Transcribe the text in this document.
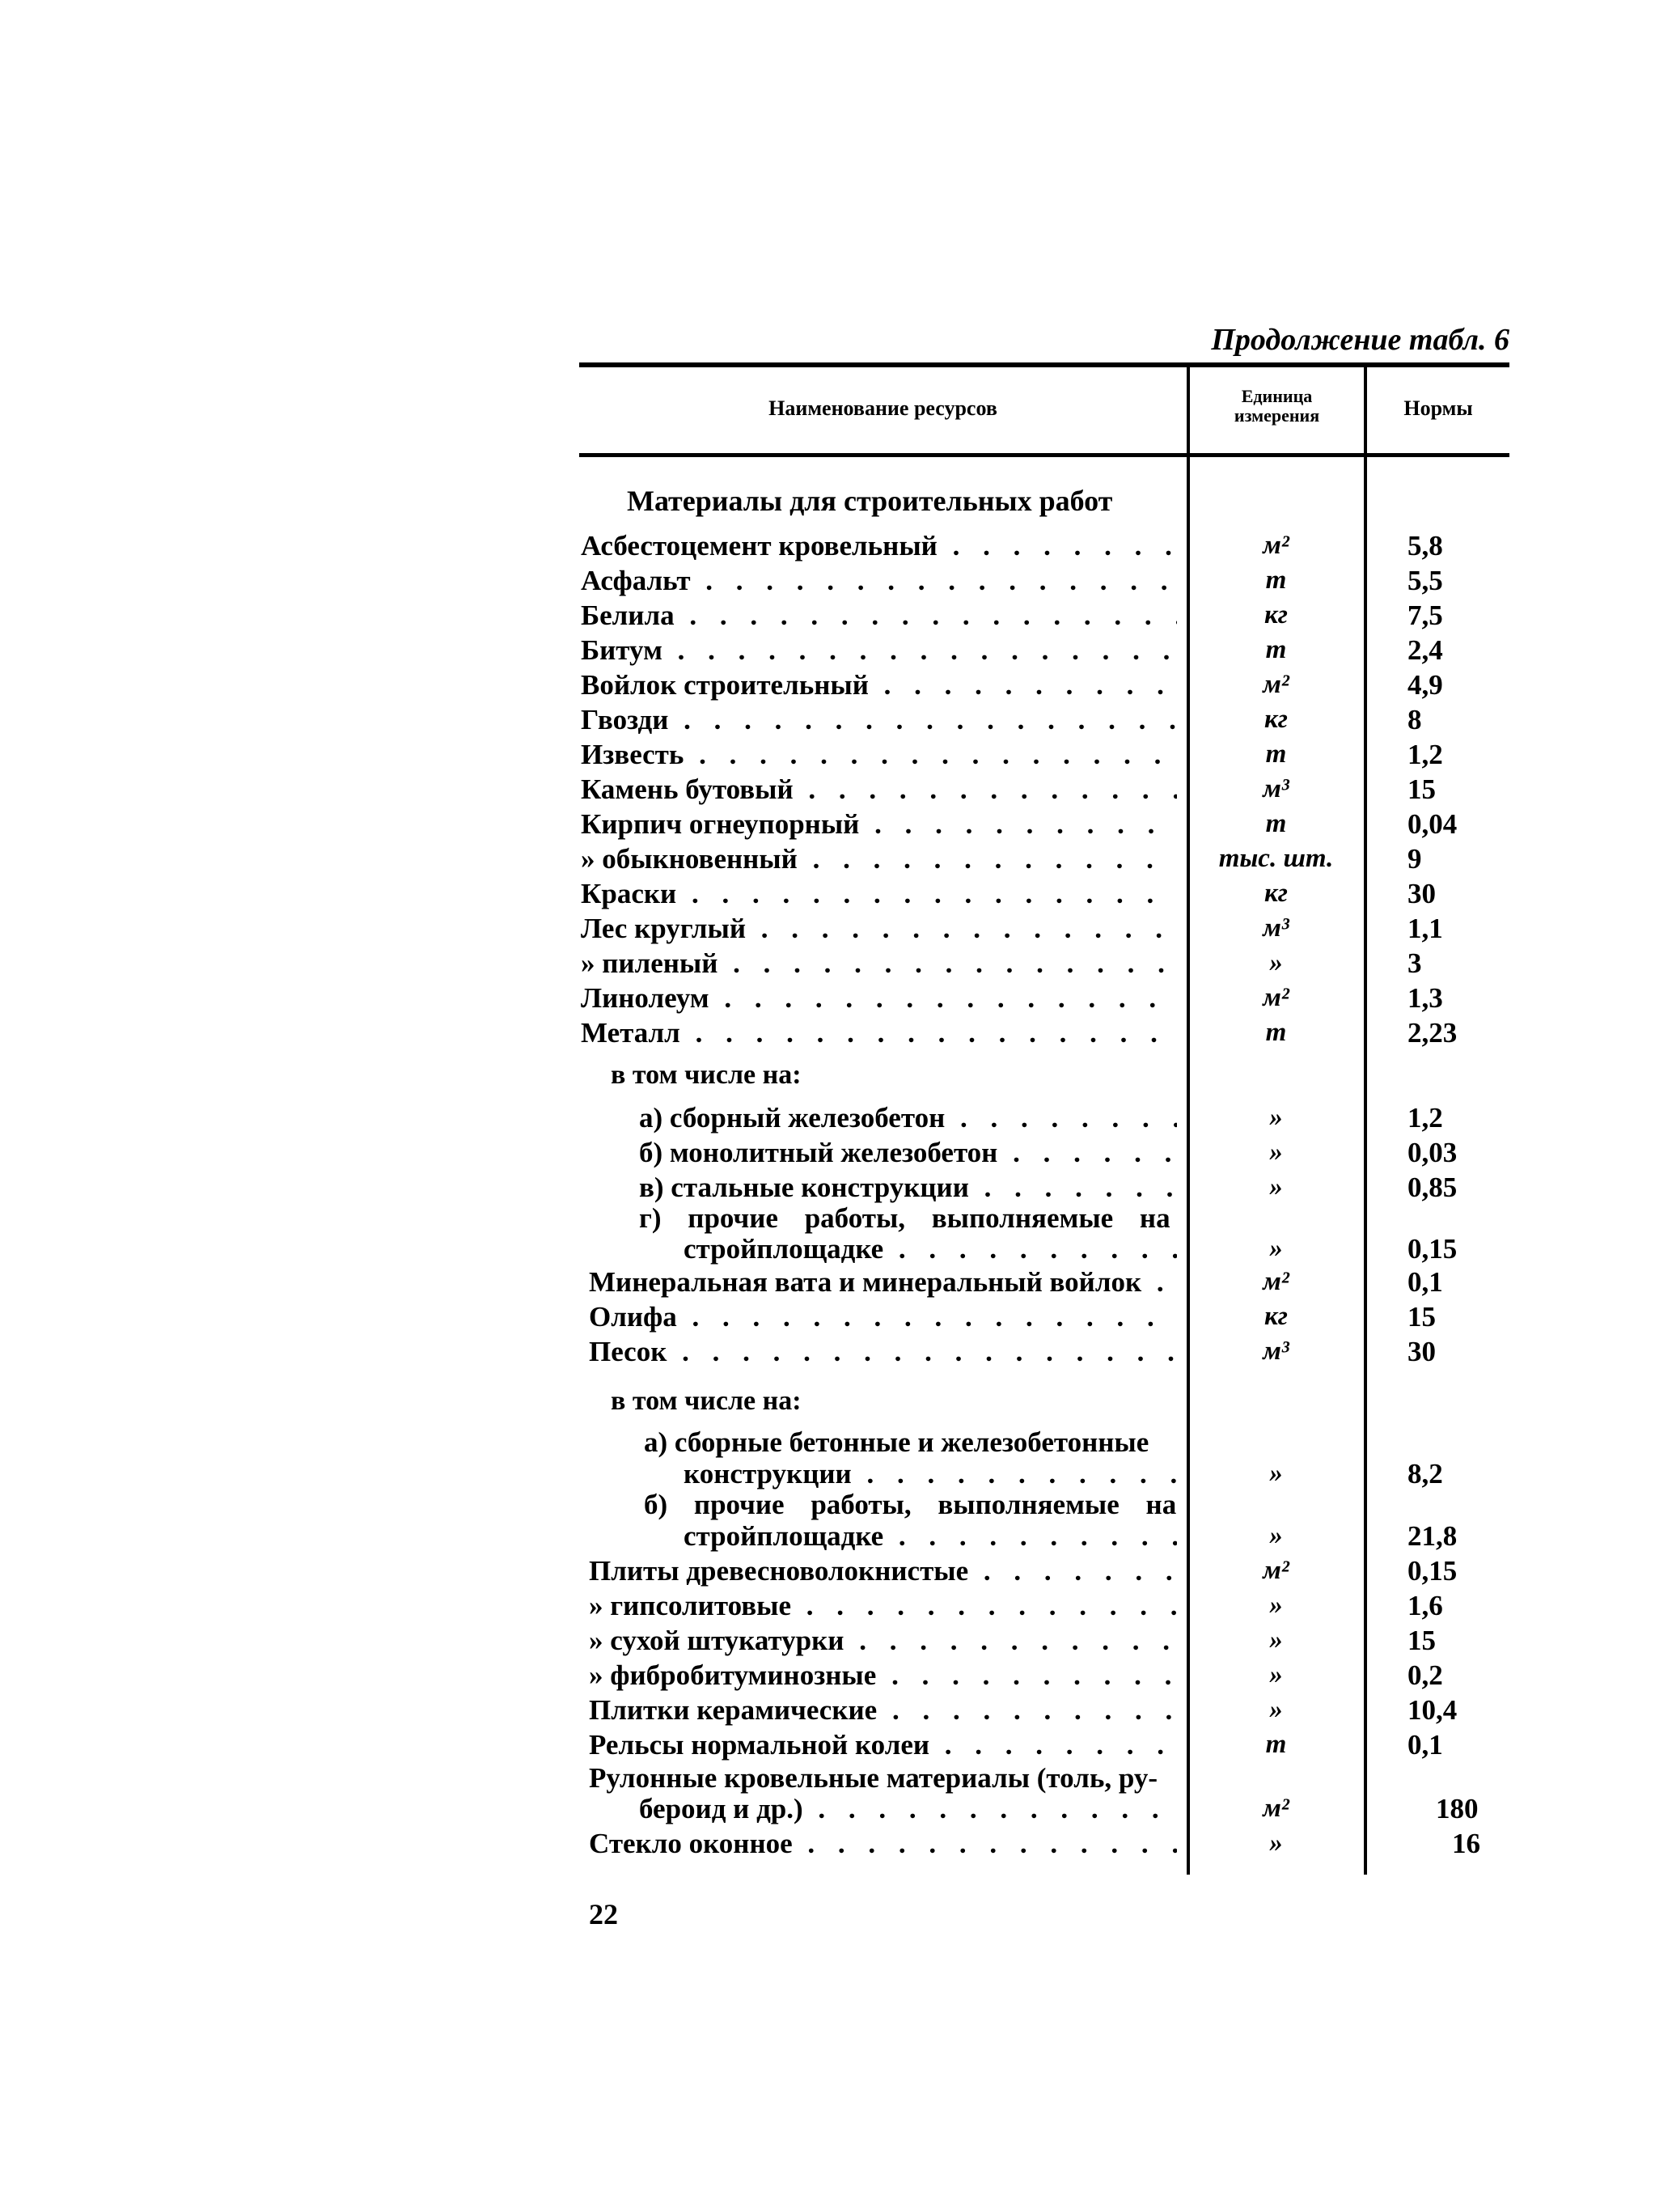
Продолжение табл. 6
Наименование ресурсов
Единица измерения	Нормы
Материалы для строительных работ
Асбестоцемент кровельный . . .	м²	5,8
Асфальт . . .	т	5,5
Белила . . .	кг	7,5
Битум . . .	т	2,4
Войлок строительный . . .	м²	4,9
Гвозди . . .	кг	8
Известь . . .	т	1,2
Камень бутовый . . .	м³	15
Кирпич огнеупорный . . .	т	0,04
» обыкновенный . . .	тыс. шт.	9
Краски . . .	кг	30
Лес круглый . . .	м³	1,1
» пиленый . . .	»	3
Линолеум . . .	м²	1,3
Металл . . .	т	2,23
в том числе на:
а) сборный железобетон . . .	»	1,2
б) монолитный железобетон . . .	»	0,03
в) стальные конструкции . . .	»	0,85
г) прочие работы, выполняемые на
стройплощадке . . .	»	0,15
Минеральная вата и минеральный войлок . . .	м²	0,1
Олифа . . .	кг	15
Песок . . .	м³	30
в том числе на:
а) сборные бетонные и железобетонные
конструкции . . .	»	8,2
б) прочие работы, выполняемые на
стройплощадке . . .	»	21,8
Плиты древесноволокнистые . . .	м²	0,15
» гипсолитовые . . .	»	1,6
» сухой штукатурки . . .	»	15
» фибробитуминозные . . .	»	0,2
Плитки керамические . . .	»	10,4
Рельсы нормальной колеи . . .	т	0,1
Рулонные кровельные материалы (толь, ру-
бероид и др.) . . .	м²	180
Стекло оконное . . .	»	16
22
